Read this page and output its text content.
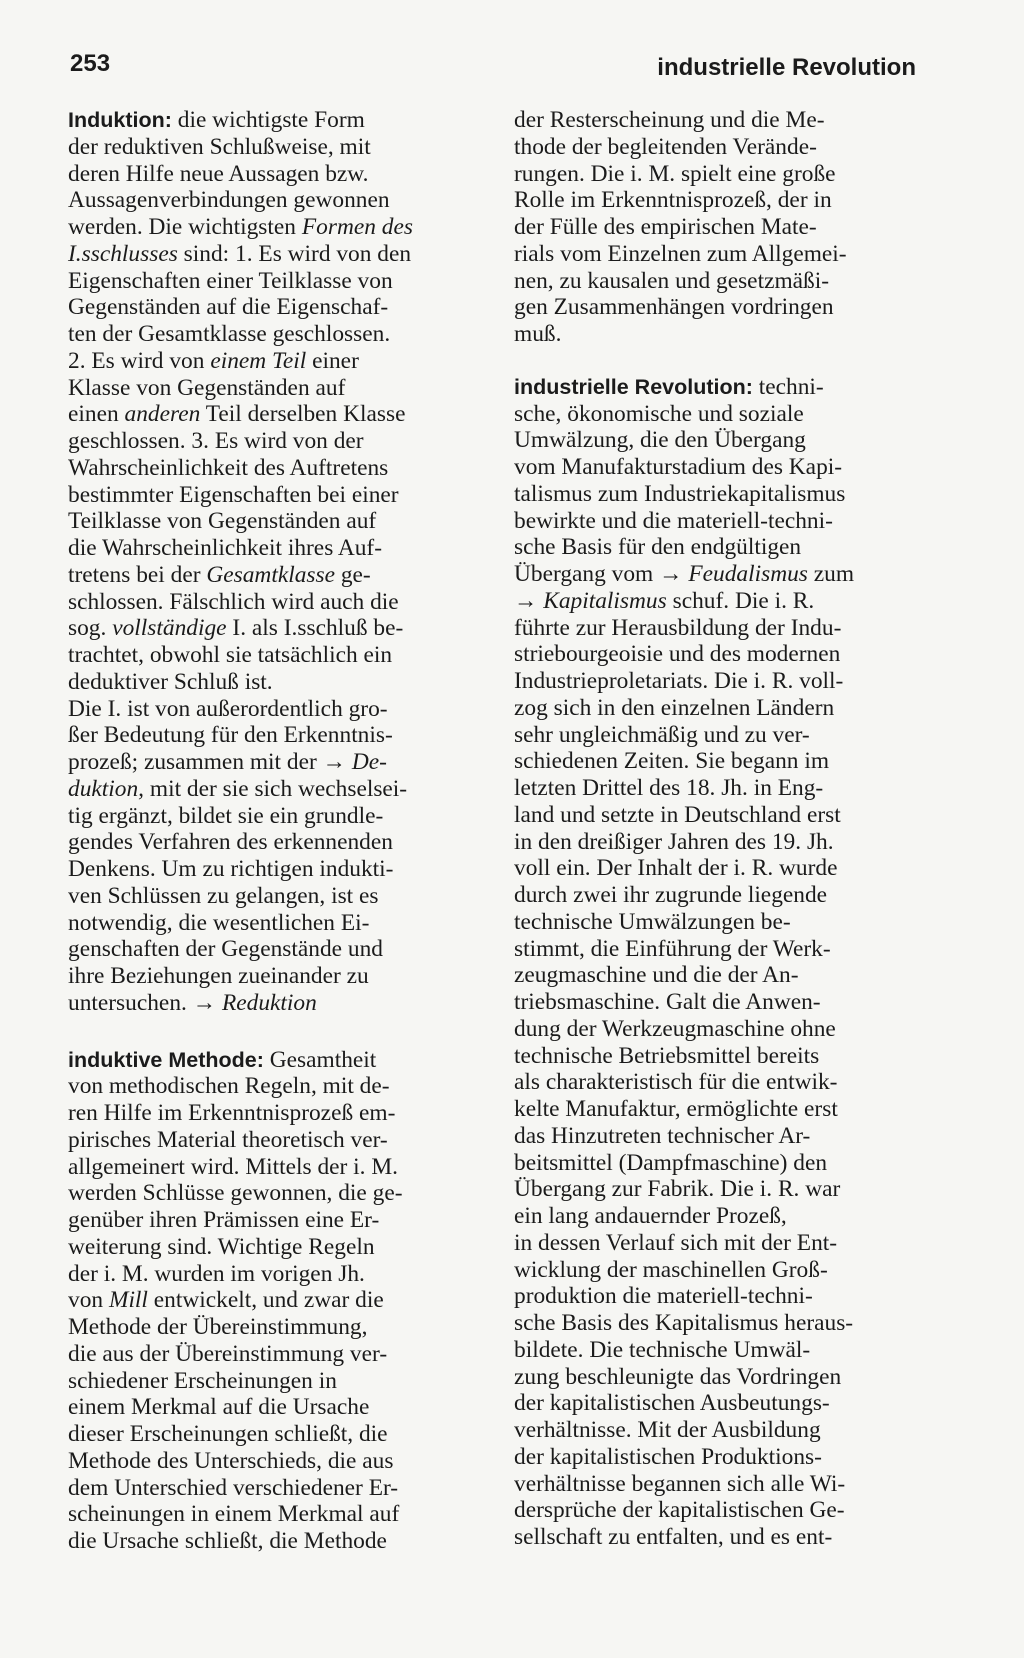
253	industrielle Revolution
Induktion: die wichtigste Form
der reduktiven Schlußweise, mit
deren Hilfe neue Aussagen bzw.
Aussagenverbindungen gewonnen
werden. Die wichtigsten Formen des
I.sschlusses sind: 1. Es wird von den
Eigenschaften einer Teilklasse von
Gegenständen auf die Eigenschaf-
ten der Gesamtklasse geschlossen.
2. Es wird von einem Teil einer
Klasse von Gegenständen auf
einen anderen Teil derselben Klasse
geschlossen. 3. Es wird von der
Wahrscheinlichkeit des Auftretens
bestimmter Eigenschaften bei einer
Teilklasse von Gegenständen auf
die Wahrscheinlichkeit ihres Auf-
tretens bei der Gesamtklasse ge-
schlossen. Fälschlich wird auch die
sog. vollständige I. als I.sschluß be-
trachtet, obwohl sie tatsächlich ein
deduktiver Schluß ist.
Die I. ist von außerordentlich gro-
ßer Bedeutung für den Erkenntnis-
prozeß; zusammen mit der → De-
duktion, mit der sie sich wechselsei-
tig ergänzt, bildet sie ein grundle-
gendes Verfahren des erkennenden
Denkens. Um zu richtigen indukti-
ven Schlüssen zu gelangen, ist es
notwendig, die wesentlichen Ei-
genschaften der Gegenstände und
ihre Beziehungen zueinander zu
untersuchen. → Reduktion
induktive Methode: Gesamtheit
von methodischen Regeln, mit de-
ren Hilfe im Erkenntnisprozeß em-
pirisches Material theoretisch ver-
allgemeinert wird. Mittels der i. M.
werden Schlüsse gewonnen, die ge-
genüber ihren Prämissen eine Er-
weiterung sind. Wichtige Regeln
der i. M. wurden im vorigen Jh.
von Mill entwickelt, und zwar die
Methode der Übereinstimmung,
die aus der Übereinstimmung ver-
schiedener Erscheinungen in
einem Merkmal auf die Ursache
dieser Erscheinungen schließt, die
Methode des Unterschieds, die aus
dem Unterschied verschiedener Er-
scheinungen in einem Merkmal auf
die Ursache schließt, die Methode
der Resterscheinung und die Me-
thode der begleitenden Verände-
rungen. Die i. M. spielt eine große
Rolle im Erkenntnisprozeß, der in
der Fülle des empirischen Mate-
rials vom Einzelnen zum Allgemei-
nen, zu kausalen und gesetzmäßi-
gen Zusammenhängen vordringen
muß.
industrielle Revolution: techni-
sche, ökonomische und soziale
Umwälzung, die den Übergang
vom Manufakturstadium des Kapi-
talismus zum Industriekapitalismus
bewirkte und die materiell-techni-
sche Basis für den endgültigen
Übergang vom → Feudalismus zum
→ Kapitalismus schuf. Die i. R.
führte zur Herausbildung der Indu-
striebourgeoisie und des modernen
Industrieproletariats. Die i. R. voll-
zog sich in den einzelnen Ländern
sehr ungleichmäßig und zu ver-
schiedenen Zeiten. Sie begann im
letzten Drittel des 18. Jh. in Eng-
land und setzte in Deutschland erst
in den dreißiger Jahren des 19. Jh.
voll ein. Der Inhalt der i. R. wurde
durch zwei ihr zugrunde liegende
technische Umwälzungen be-
stimmt, die Einführung der Werk-
zeugmaschine und die der An-
triebsmaschine. Galt die Anwen-
dung der Werkzeugmaschine ohne
technische Betriebsmittel bereits
als charakteristisch für die entwik-
kelte Manufaktur, ermöglichte erst
das Hinzutreten technischer Ar-
beitsmittel (Dampfmaschine) den
Übergang zur Fabrik. Die i. R. war
ein lang andauernder Prozeß,
in dessen Verlauf sich mit der Ent-
wicklung der maschinellen Groß-
produktion die materiell-techni-
sche Basis des Kapitalismus heraus-
bildete. Die technische Umwäl-
zung beschleunigte das Vordringen
der kapitalistischen Ausbeutungs-
verhältnisse. Mit der Ausbildung
der kapitalistischen Produktions-
verhältnisse begannen sich alle Wi-
dersprüche der kapitalistischen Ge-
sellschaft zu entfalten, und es ent-
